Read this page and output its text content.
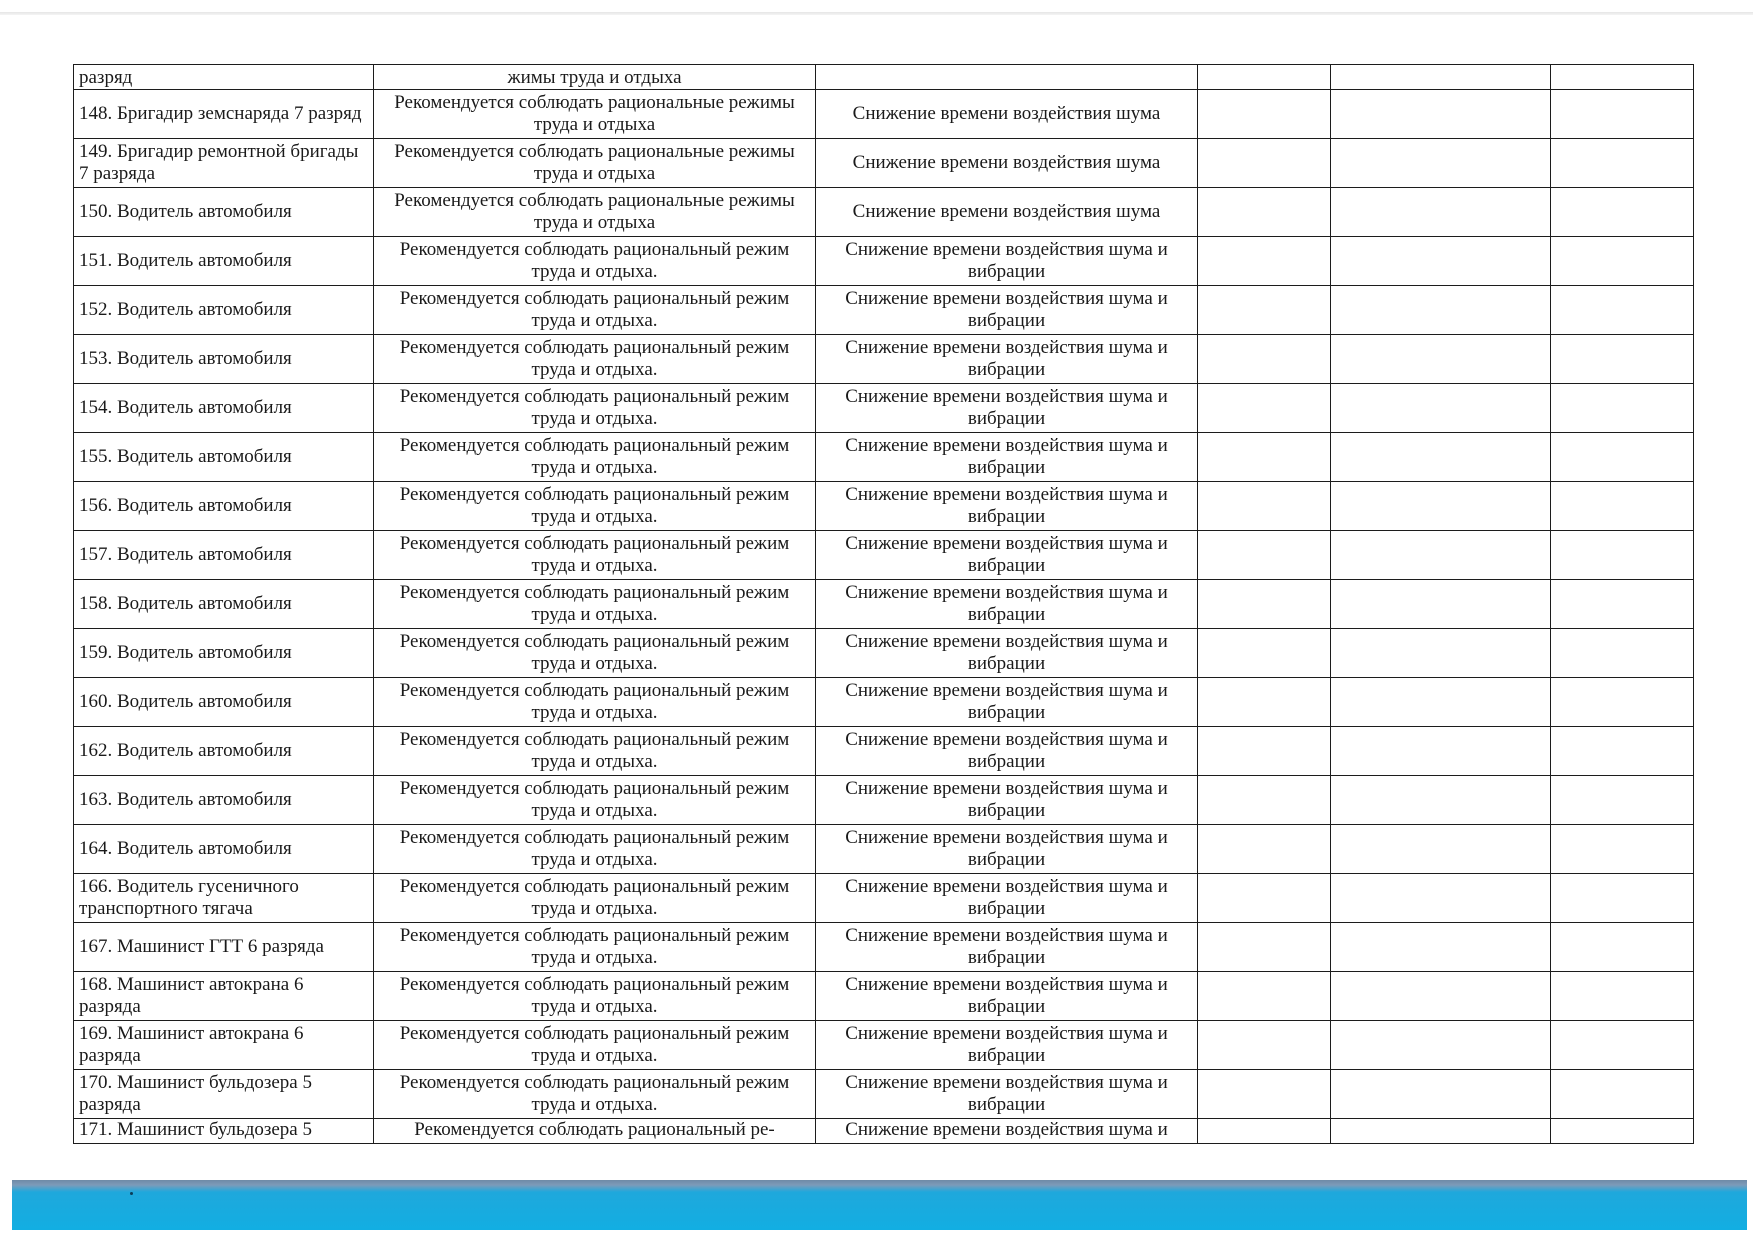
разряд	жимы труда и отдыха				
148. Бригадир земснаряда 7 разряд	Рекомендуется соблюдать рациональные режимы труда и отдыха	Снижение времени воздействия шума			
149. Бригадир ремонтной бригады 7 разряда	Рекомендуется соблюдать рациональные режимы труда и отдыха	Снижение времени воздействия шума			
150. Водитель автомобиля	Рекомендуется соблюдать рациональные режимы труда и отдыха	Снижение времени воздействия шума			
151. Водитель автомобиля	Рекомендуется соблюдать рациональный режим труда и отдыха.	Снижение времени воздействия шума и вибрации			
152. Водитель автомобиля	Рекомендуется соблюдать рациональный режим труда и отдыха.	Снижение времени воздействия шума и вибрации			
153. Водитель автомобиля	Рекомендуется соблюдать рациональный режим труда и отдыха.	Снижение времени воздействия шума и вибрации			
154. Водитель автомобиля	Рекомендуется соблюдать рациональный режим труда и отдыха.	Снижение времени воздействия шума и вибрации			
155. Водитель автомобиля	Рекомендуется соблюдать рациональный режим труда и отдыха.	Снижение времени воздействия шума и вибрации			
156. Водитель автомобиля	Рекомендуется соблюдать рациональный режим труда и отдыха.	Снижение времени воздействия шума и вибрации			
157. Водитель автомобиля	Рекомендуется соблюдать рациональный режим труда и отдыха.	Снижение времени воздействия шума и вибрации			
158. Водитель автомобиля	Рекомендуется соблюдать рациональный режим труда и отдыха.	Снижение времени воздействия шума и вибрации			
159. Водитель автомобиля	Рекомендуется соблюдать рациональный режим труда и отдыха.	Снижение времени воздействия шума и вибрации			
160. Водитель автомобиля	Рекомендуется соблюдать рациональный режим труда и отдыха.	Снижение времени воздействия шума и вибрации			
162. Водитель автомобиля	Рекомендуется соблюдать рациональный режим труда и отдыха.	Снижение времени воздействия шума и вибрации			
163. Водитель автомобиля	Рекомендуется соблюдать рациональный режим труда и отдыха.	Снижение времени воздействия шума и вибрации			
164. Водитель автомобиля	Рекомендуется соблюдать рациональный режим труда и отдыха.	Снижение времени воздействия шума и вибрации			
166. Водитель гусеничного транспортного тягача	Рекомендуется соблюдать рациональный режим труда и отдыха.	Снижение времени воздействия шума и вибрации			
167. Машинист ГТТ 6 разряда	Рекомендуется соблюдать рациональный режим труда и отдыха.	Снижение времени воздействия шума и вибрации			
168. Машинист автокрана 6 разряда	Рекомендуется соблюдать рациональный режим труда и отдыха.	Снижение времени воздействия шума и вибрации			
169. Машинист автокрана 6 разряда	Рекомендуется соблюдать рациональный режим труда и отдыха.	Снижение времени воздействия шума и вибрации			
170. Машинист бульдозера 5 разряда	Рекомендуется соблюдать рациональный режим труда и отдыха.	Снижение времени воздействия шума и вибрации			
171. Машинист бульдозера 5	Рекомендуется соблюдать рациональный ре-	Снижение времени воздействия шума и			
